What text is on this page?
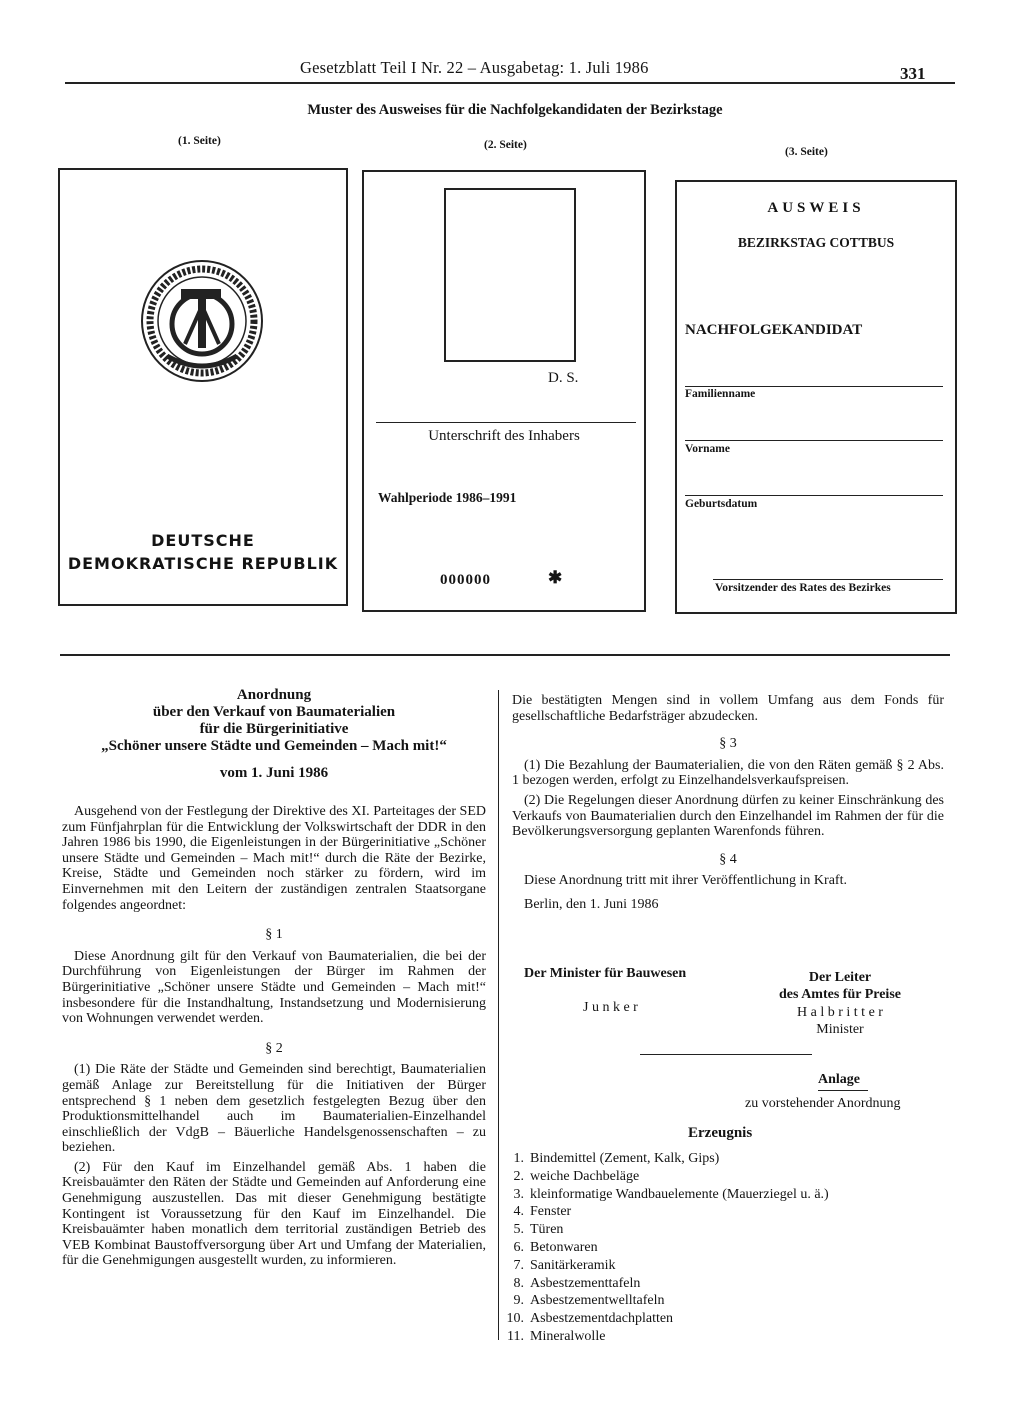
Gesetzblatt Teil I Nr. 22 – Ausgabetag: 1. Juli 1986	331
Muster des Ausweises für die Nachfolgekandidaten der Bezirkstage
(1. Seite)	(2. Seite)
(3. Seite)
DEUTSCHE
DEMOKRATISCHE REPUBLIK
D. S.
Unterschrift des Inhabers
Wahlperiode 1986–1991
000000	✱
AUSWEIS
BEZIRKSTAG COTTBUS
NACHFOLGEKANDIDAT
Familienname
Vorname
Geburtsdatum
Vorsitzender des Rates des Bezirkes
Anordnung
über den Verkauf von Baumaterialien
für die Bürgerinitiative
„Schöner unsere Städte und Gemeinden – Mach mit!“
vom 1. Juni 1986

Ausgehend von der Festlegung der Direktive des XI. Parteitages der SED zum Fünfjahrplan für die Entwicklung der Volkswirtschaft der DDR in den Jahren 1986 bis 1990, die Eigenleistungen in der Bürgerinitiative „Schöner unsere Städte und Gemeinden – Mach mit!“ durch die Räte der Bezirke, Kreise, Städte und Gemeinden noch stärker zu fördern, wird im Einvernehmen mit den Leitern der zuständigen zentralen Staatsorgane folgendes angeordnet:

§ 1

Diese Anordnung gilt für den Verkauf von Baumaterialien, die bei der Durchführung von Eigenleistungen der Bürger im Rahmen der Bürgerinitiative „Schöner unsere Städte und Gemeinden – Mach mit!“ insbesondere für die Instandhaltung, Instandsetzung und Modernisierung von Wohnungen verwendet werden.

§ 2

(1) Die Räte der Städte und Gemeinden sind berechtigt, Baumaterialien gemäß Anlage zur Bereitstellung für die Initiativen der Bürger entsprechend § 1 neben dem gesetzlich festgelegten Bezug über den Produktionsmittelhandel auch im Baumaterialien-Einzelhandel einschließlich der VdgB – Bäuerliche Handelsgenossenschaften – zu beziehen.

(2) Für den Kauf im Einzelhandel gemäß Abs. 1 haben die Kreisbauämter den Räten der Städte und Gemeinden auf Anforderung eine Genehmigung auszustellen. Das mit dieser Genehmigung bestätigte Kontingent ist Voraussetzung für den Kauf im Einzelhandel. Die Kreisbauämter haben monatlich dem territorial zuständigen Betrieb des VEB Kombinat Baustoffversorgung über Art und Umfang der Materialien, für die Genehmigungen ausgestellt wurden, zu informieren.

Die bestätigten Mengen sind in vollem Umfang aus dem Fonds für gesellschaftliche Bedarfsträger abzudecken.

§ 3

(1) Die Bezahlung der Baumaterialien, die von den Räten gemäß § 2 Abs. 1 bezogen werden, erfolgt zu Einzelhandelsverkaufspreisen.

(2) Die Regelungen dieser Anordnung dürfen zu keiner Einschränkung des Verkaufs von Baumaterialien durch den Einzelhandel im Rahmen der für die Bevölkerungsversorgung geplanten Warenfonds führen.

§ 4

Diese Anordnung tritt mit ihrer Veröffentlichung in Kraft.

Berlin, den 1. Juni 1986

Der Minister für Bauwesen
J u n k e r
Der Leiter
des Amtes für Preise
H a l b r i t t e r
Minister
Anlage
zu vorstehender Anordnung
Erzeugnis
1. Bindemittel (Zement, Kalk, Gips)
2. weiche Dachbeläge
3. kleinformatige Wandbauelemente (Mauerziegel u. ä.)
4. Fenster
5. Türen
6. Betonwaren
7. Sanitärkeramik
8. Asbestzementtafeln
9. Asbestzementwelltafeln
10. Asbestzementdachplatten
11. Mineralwolle
